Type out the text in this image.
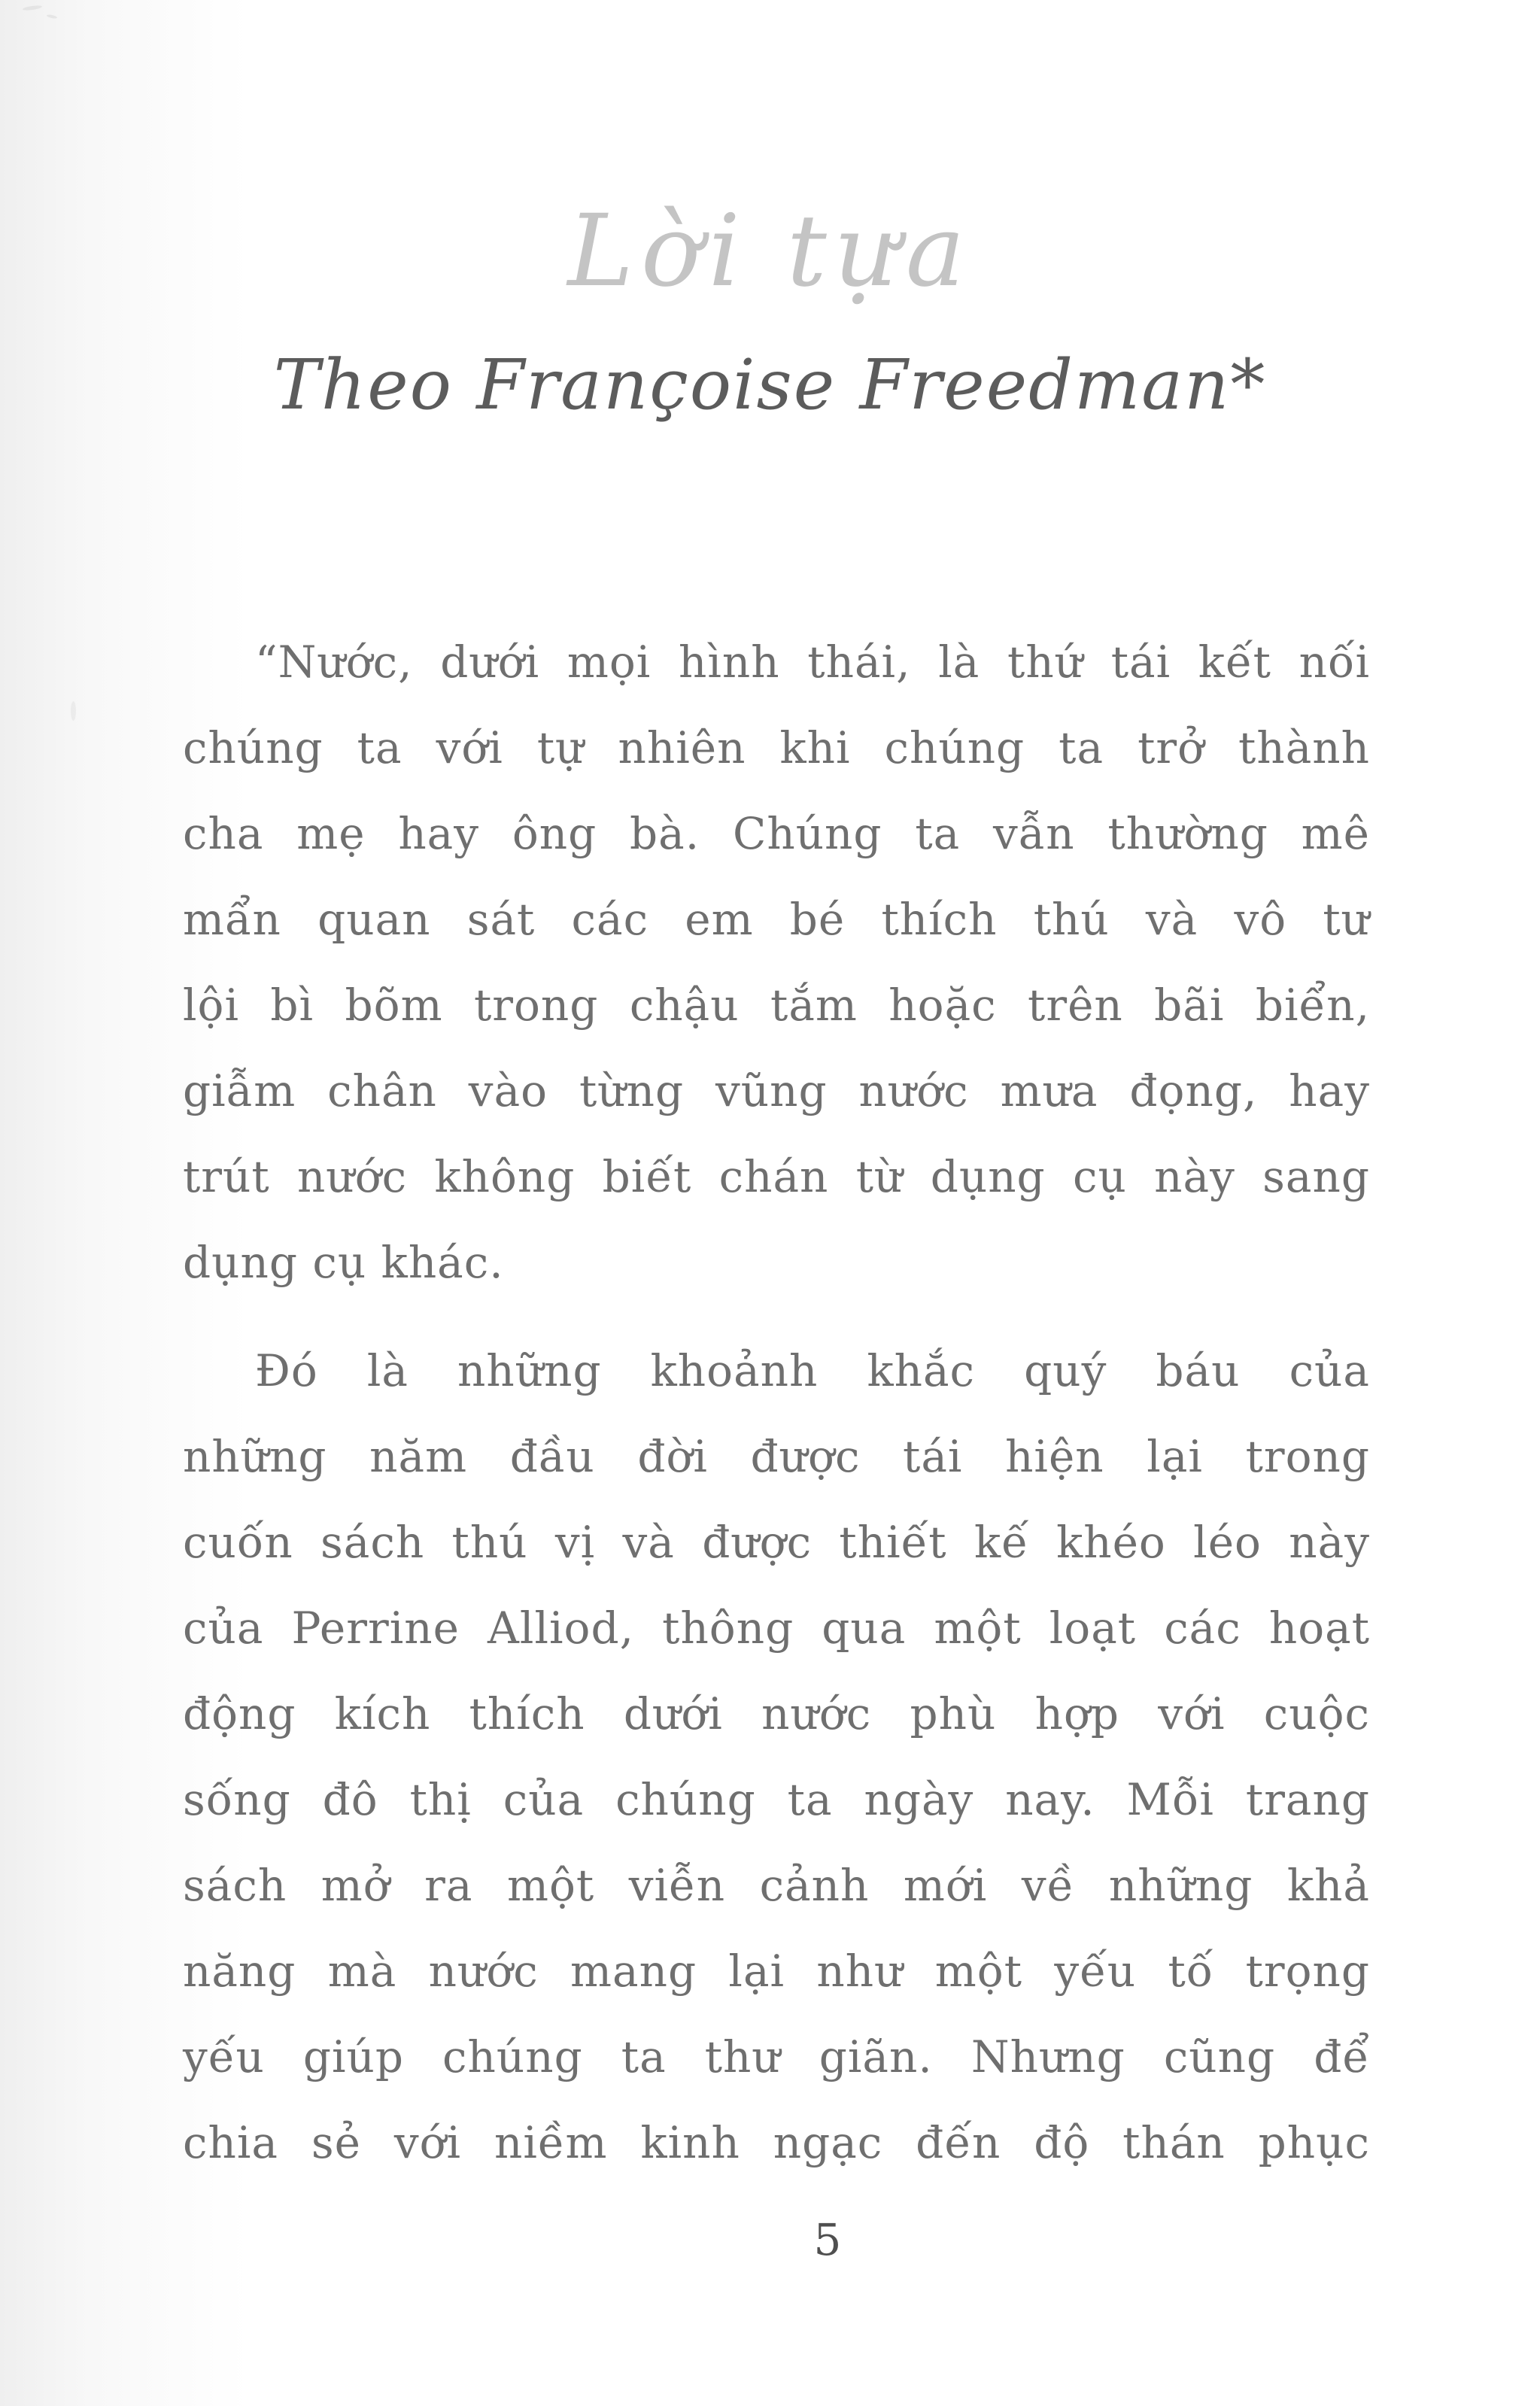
Lời tựa
Theo Françoise Freedman*
“Nước, dưới mọi hình thái, là thứ tái kết nối
chúng ta với tự nhiên khi chúng ta trở thành
cha mẹ hay ông bà. Chúng ta vẫn thường mê
mẩn quan sát các em bé thích thú và vô tư
lội bì bõm trong chậu tắm hoặc trên bãi biển,
giẫm chân vào từng vũng nước mưa đọng, hay
trút nước không biết chán từ dụng cụ này sang
dụng cụ khác.
Đó là những khoảnh khắc quý báu của
những năm đầu đời được tái hiện lại trong
cuốn sách thú vị và được thiết kế khéo léo này
của Perrine Alliod, thông qua một loạt các hoạt
động kích thích dưới nước phù hợp với cuộc
sống đô thị của chúng ta ngày nay. Mỗi trang
sách mở ra một viễn cảnh mới về những khả
năng mà nước mang lại như một yếu tố trọng
yếu giúp chúng ta thư giãn. Nhưng cũng để
chia sẻ với niềm kinh ngạc đến độ thán phục
5
